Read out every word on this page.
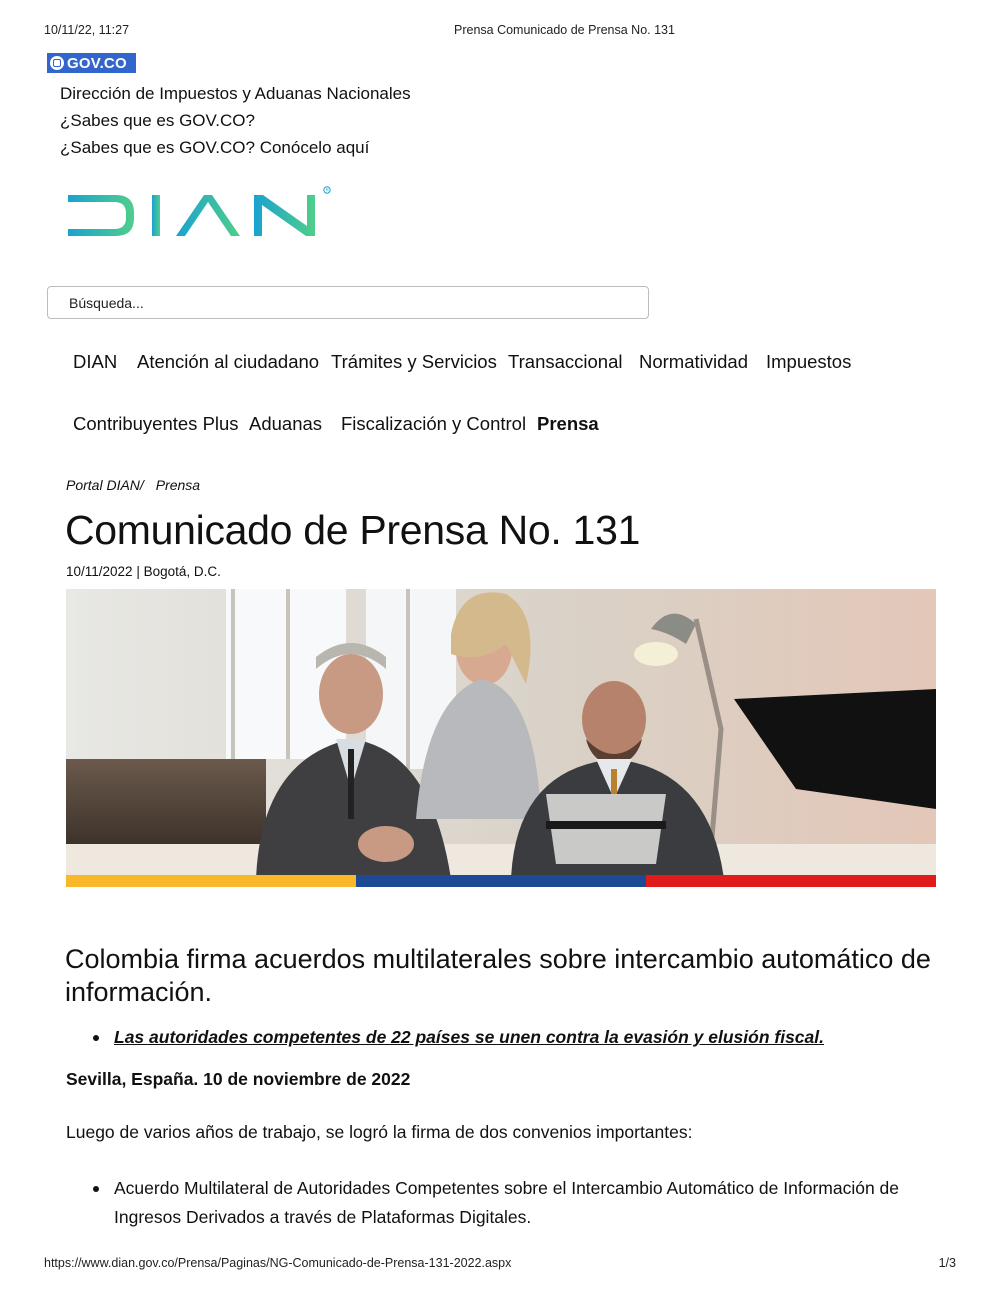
10/11/22, 11:27	Prensa Comunicado de Prensa No. 131
GOV.CO
Dirección de Impuestos y Aduanas Nacionales
¿Sabes que es GOV.CO?
¿Sabes que es GOV.CO? Conócelo aquí
R
Búsqueda...
DIAN Atención al ciudadano Trámites y Servicios Transaccional Normatividad Impuestos
Contribuyentes Plus Aduanas Fiscalización y Control Prensa
Portal DIAN/ Prensa
Comunicado de Prensa No. 131
10/11/2022 | Bogotá, D.C.
Colombia firma acuerdos multilaterales sobre intercambio automático de información.
Las autoridades competentes de 22 países se unen contra la evasión y elusión fiscal.
Sevilla, España. 10 de noviembre de 2022
Luego de varios años de trabajo, se logró la firma de dos convenios importantes:
Acuerdo Multilateral de Autoridades Competentes sobre el Intercambio Automático de Información de Ingresos Derivados a través de Plataformas Digitales.
https://www.dian.gov.co/Prensa/Paginas/NG-Comunicado-de-Prensa-131-2022.aspx	1/3
